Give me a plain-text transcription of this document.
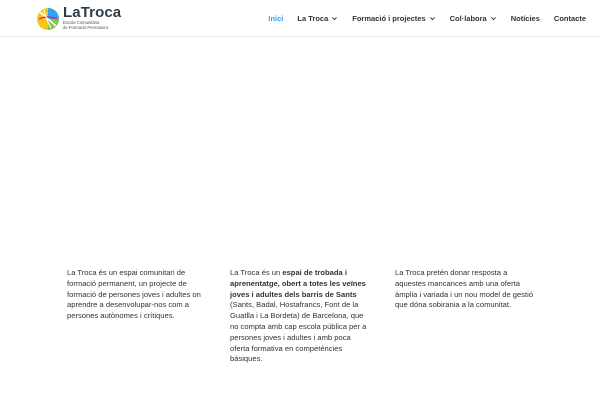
LaTroca
Escola Comunitària
de Formació Permanent
Inici La Troca	Formació i projectes	Col·labora	Notícies Contacte
La Troca és un espai comunitari de formació permanent, un projecte de formació de persones joves i adultes on aprendre a desenvolupar-nos com a persones autònomes i crítiques.
La Troca és un espai de trobada i aprenentatge, obert a totes les veïnes joves i adultes dels barris de Sants (Sants, Badal, Hostafrancs, Font de la Guatlla i La Bordeta) de Barcelona, que no compta amb cap escola pública per a persones joves i adultes i amb poca oferta formativa en competències bàsiques.
La Troca pretén donar resposta a aquestes mancances amb una oferta àmplia i variada i un nou model de gestió que dóna sobirania a la comunitat.
